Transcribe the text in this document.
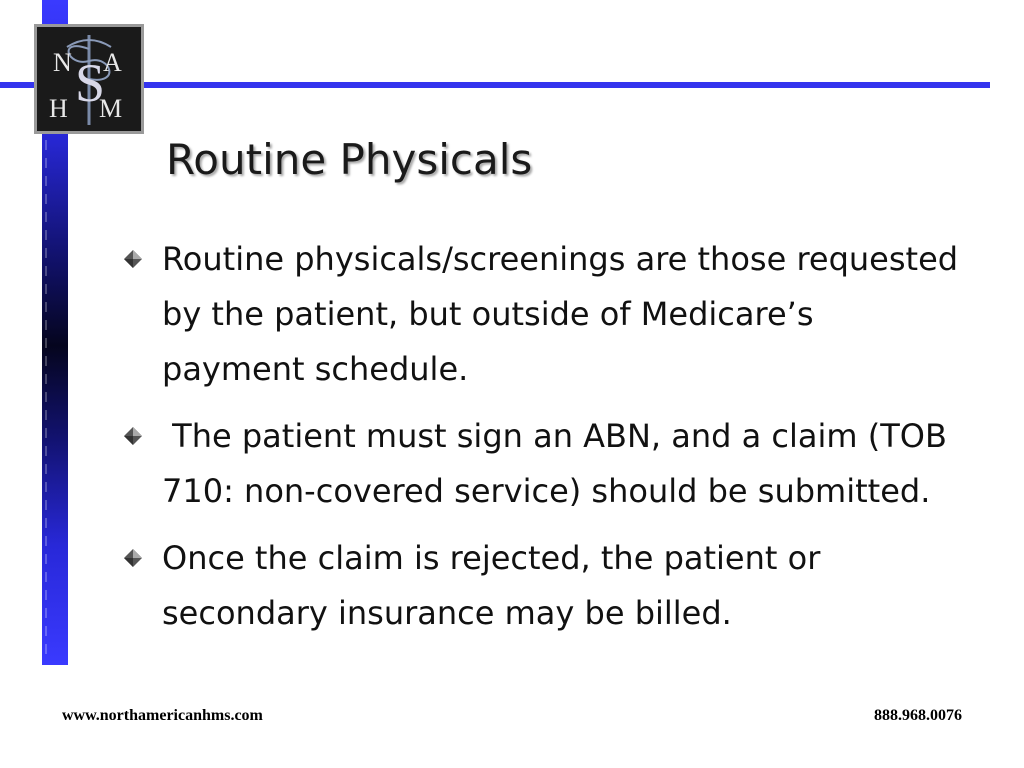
N A
H M
S
Routine Physicals
Routine physicals/screenings are those requested by the patient, but outside of Medicare’s payment schedule.
The patient must sign an ABN, and a claim (TOB 710: non-covered service) should be submitted.
Once the claim is rejected, the patient or secondary insurance may be billed.
www.northamericanhms.com	888.968.0076
